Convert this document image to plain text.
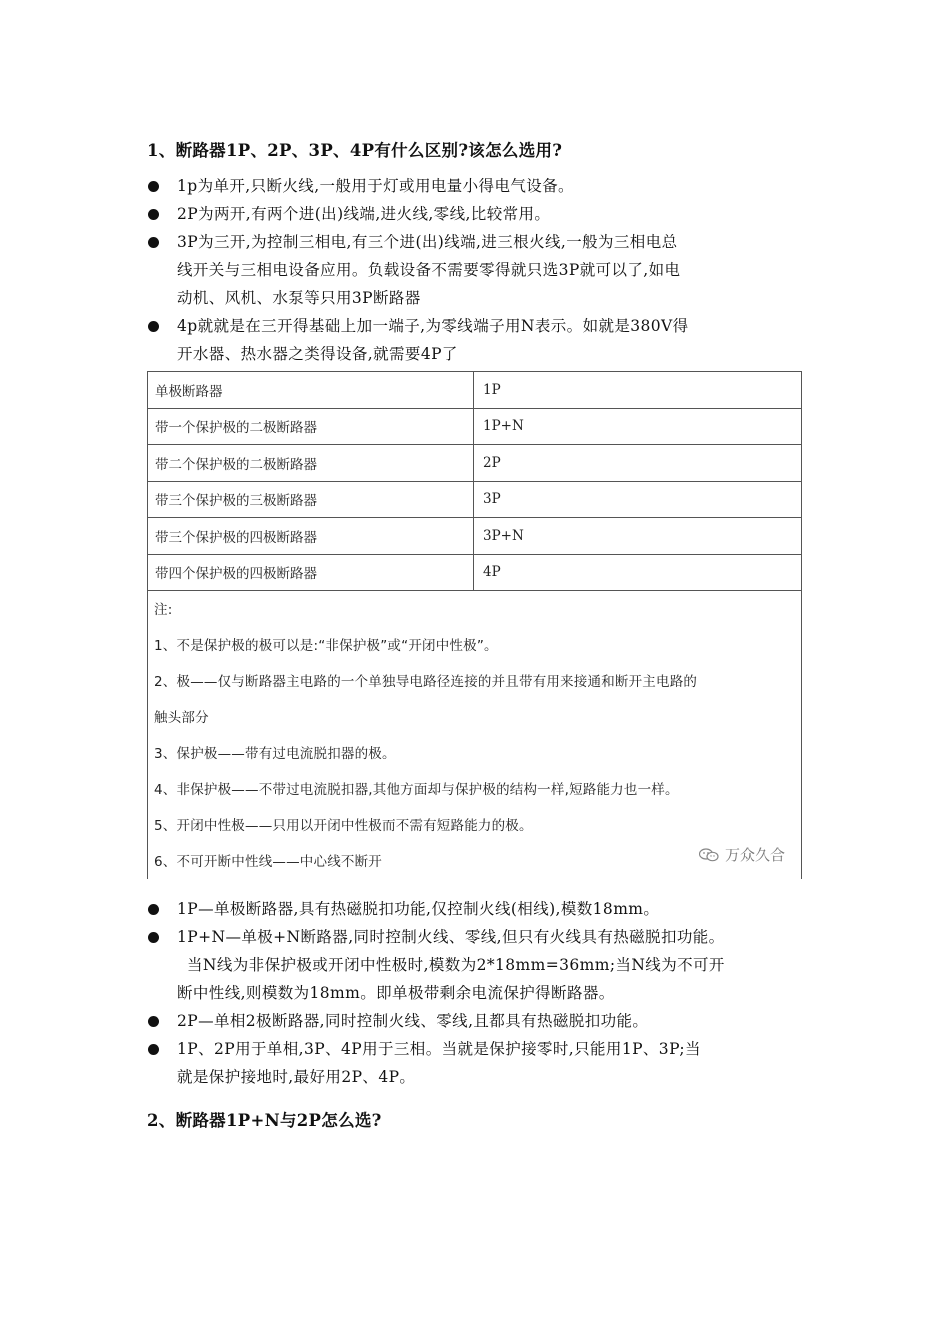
1、断路器1P、2P、3P、4P有什么区别?该怎么选用?
1p为单开,只断火线,一般用于灯或用电量小得电气设备。
2P为两开,有两个进(出)线端,进火线,零线,比较常用。
3P为三开,为控制三相电,有三个进(出)线端,进三根火线,一般为三相电总
线开关与三相电设备应用。负载设备不需要零得就只选3P就可以了,如电
动机、风机、水泵等只用3P断路器
4p就就是在三开得基础上加一端子,为零线端子用N表示。如就是380V得
开水器、热水器之类得设备,就需要4P了
单极断路器	1P
带一个保护极的二极断路器	1P+N
带二个保护极的二极断路器	2P
带三个保护极的三极断路器	3P
带三个保护极的四极断路器	3P+N
带四个保护极的四极断路器	4P
注:
1、不是保护极的极可以是:“非保护极”或“开闭中性极”。
2、极——仅与断路器主电路的一个单独导电路径连接的并且带有用来接通和断开主电路的
触头部分
3、保护极——带有过电流脱扣器的极。
4、非保护极——不带过电流脱扣器,其他方面却与保护极的结构一样,短路能力也一样。
5、开闭中性极——只用以开闭中性极而不需有短路能力的极。
6、不可开断中性线——中心线不断开	万众久合
1P—单极断路器,具有热磁脱扣功能,仅控制火线(相线),模数18mm。
1P+N—单极+N断路器,同时控制火线、零线,但只有火线具有热磁脱扣功能。
当N线为非保护极或开闭中性极时,模数为2*18mm=36mm;当N线为不可开
断中性线,则模数为18mm。即单极带剩余电流保护得断路器。
2P—单相2极断路器,同时控制火线、零线,且都具有热磁脱扣功能。
1P、2P用于单相,3P、4P用于三相。当就是保护接零时,只能用1P、3P;当
就是保护接地时,最好用2P、4P。
2、断路器1P+N与2P怎么选?
